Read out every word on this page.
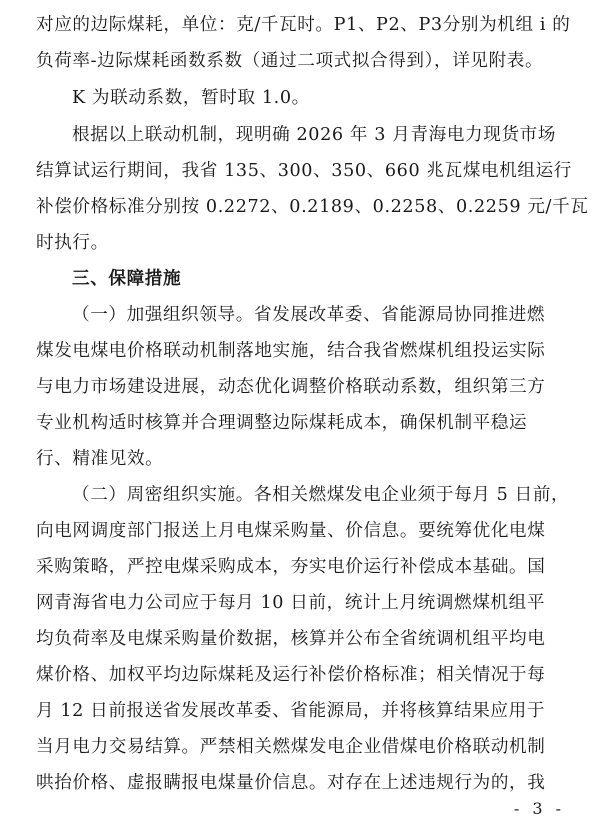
对应的边际煤耗，单位：克/千瓦时。P1、P2、P3分别为机组 i 的
负荷率-边际煤耗函数系数（通过二项式拟合得到），详见附表。
K 为联动系数，暂时取 1.0。
根据以上联动机制，现明确 2026 年 3 月青海电力现货市场
结算试运行期间，我省 135、300、350、660 兆瓦煤电机组运行
补偿价格标准分别按 0.2272、0.2189、0.2258、0.2259 元/千瓦
时执行。
三、保障措施
（一）加强组织领导。省发展改革委、省能源局协同推进燃
煤发电煤电价格联动机制落地实施，结合我省燃煤机组投运实际
与电力市场建设进展，动态优化调整价格联动系数，组织第三方
专业机构适时核算并合理调整边际煤耗成本，确保机制平稳运
行、精准见效。
（二）周密组织实施。各相关燃煤发电企业须于每月 5 日前，
向电网调度部门报送上月电煤采购量、价信息。要统筹优化电煤
采购策略，严控电煤采购成本，夯实电价运行补偿成本基础。国
网青海省电力公司应于每月 10 日前，统计上月统调燃煤机组平
均负荷率及电煤采购量价数据，核算并公布全省统调机组平均电
煤价格、加权平均边际煤耗及运行补偿价格标准；相关情况于每
月 12 日前报送省发展改革委、省能源局，并将核算结果应用于
当月电力交易结算。严禁相关燃煤发电企业借煤电价格联动机制
哄抬价格、虚报瞒报电煤量价信息。对存在上述违规行为的，我
- 3 -
